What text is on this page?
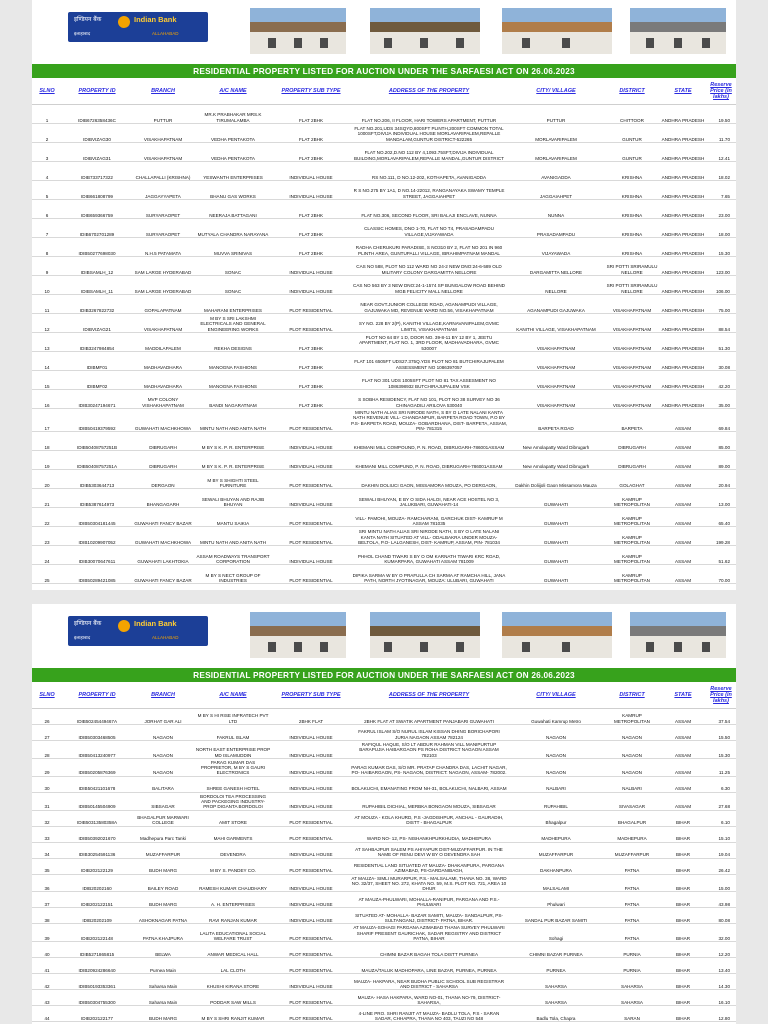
इण्डियन बैंक	Indian Bank
इलाहाबाद	ALLAHABAD
RESIDENTIAL PROPERTY LISTED FOR AUCTION UNDER THE SARFAESI ACT ON 26.06.2023
SLNO	PROPERTY ID	BRANCH	A/C NAME	PROPERTY SUB TYPE	ADDRESS OF THE PROPERTY	CITY/ VILLAGE	DISTRICT	STATE	Reserve Price (in lakhs)
1	IDIB6726358436C	PUTTUR	MR.K PRABHAKAR MRS.K TIRUMALAMBA	FLAT 2BHK	FLAT NO.206, II FLOOR, HARI TOWERS APARTMENT, PUTTUR	PUTTUR	CHITTOOR	ANDHRA PRADESH	19.50
2	IDIBVIZAG30	VISAKHAPATNAM	VEDHA PENTAKOTA	FLAT 2BHK	FLAT NO.201,UDS 34SQYD,800SFT PLINTH,200SFT COMMON TOTAL 1000SFT,DIVIJA INDIVIDUAL HOUSE MORLAVARIPALEM,REPALLE MANDALAM,GUNTUR DISTRICT-522265	MORLAVARIPALEM	GUNTUR	ANDHRA PRADESH	11.70
3	IDIBVIZAG31	VISAKHAPATNAM	VEDHA PENTAKOTA	FLAT 2BHK	FLAT NO.202,D.NO 112 BY 4,1093.75SFT,DIVIJA INDIVIDUAL BUILDING,MORLAVARIPALEM,REPALLE MANDAL,GUNTUR DISTRICT	MORLAVARIPALEM	GUNTUR	ANDHRA PRADESH	12.41
4	IDIB733717322	CHALLAPALLI (KRISHNA)	YESWANTH ENTERPRISES	INDIVIDUAL HOUSE	RS NO.111, D NO.12-202, KOTHAPETA, AVANIGADDA	AVANIGADDA	KRISHNA	ANDHRA PRADESH	18.02
5	IDIB661808799	JAGGAYYAPETA	BHANU GAS WORKS	INDIVIDUAL HOUSE	R S NO.275 BY 1A1, D NO.14-22012, RANGANAYAKA SWAMY TEMPLE STREET, JAGGAIAHPET	JAGGAIAHPET	KRISHNA	ANDHRA PRADESH	7.65
6	IDIB659366759	SURYARAOPET	NEERAJA BATTAGANI	FLAT 2BHK	FLAT NO.306, SECOND FLOOR, SRI BALAJI ENCLAVE, NUNNA	NUNNA	KRISHNA	ANDHRA PRADESH	23.00
7	IDIB6702701289	SURYARAOPET	MUTYALA CHANDRA NARAYANA	FLAT 2BHK	CLASSIC HOMES, DNO 1-70, FLAT NO T4, PRASADAMPADU VILLAGE,VIJAYAWADA	PRASADAMPADU	KRISHNA	ANDHRA PRADESH	18.00
8	IDIB50277698030	N.H.5 PATAMATA	MUVVA SRINIVAS	FLAT 2BHK	RADHA CHERUKURI PARADISE, S NO310 BY 2, FLAT NO 201 IN 960 PLINTH AREA, GUNTUPALLI VILLAGE, IBRAHIMPATNAM MANDAL	VIJAYAWADA	KRISHNA	ANDHRA PRADESH	15.30
9	IDIBSAMLH_12	SAM LARGE HYDERABAD	SONAC	INDIVIDUAL HOUSE	CAS NO 588, PLOT NO 112 WARD NO 24-2 NEW DNO:24-6-589 OLD MILITARY COLONY DARGAMITTA NELLORE	DARGAMITTA NELLORE	SRI POTTI SRIRAMULU NELLORE	ANDHRA PRADESH	123.00
10	IDIBSAMLH_11	SAM LARGE HYDERABAD	SONAC	INDIVIDUAL HOUSE	CAS NO 563 BY 3 NEW DNO:24-1-1574 SP BUNGALOW ROAD BEHIND MGB FELICITY MALL NELLORE	NELLORE	SRI POTTI SRIRAMULU NELLORE	ANDHRA PRADESH	106.00
11	IDIB3267822732	GOPALAPATNAM	MAHARANI ENTERPRISES	PLOT RESIDENTIAL	NEAR GOVT.JUNIOR COLLEGE ROAD, AGANAMPUDI VILLAGE, GAJUWAKA MD, REVENUE WARD NO.56, VISAKHAPATNAM	AGANAMPUDI GAJUWAKA	VISAKHAPATNAM	ANDHRA PRADESH	75.00
12	IDIBVIZAG21	VISAKHAPATNAM	M BY S SRI LAKSHMI ELECTRICALS AND GENERAL ENGINEERING WORKS	PLOT RESIDENTIAL	SY NO. 228 BY 2(P), KANITHI VILLAGE,KARNAVANIPALEM,GVMC LIMITS, VISAKHAPATNAM	KANITHI VILLAGE, VISAKHAPATNAM	VISAKHAPATNAM	ANDHRA PRADESH	88.54
13	IDIB3247984854	MADDILAPALEM	REKHA DESIGNS	FLAT 3BHK	PLOT NO 64 BY 1 D, DOOR NO. 39-8-11 BY 12 BY 1, JEETU APARTMENT, FLAT NO. 1, 3RD FLOOR, MADHAVADHARA, GVMC 530007	VISAKHAPATNAM	VISAKHAPATNAM	ANDHRA PRADESH	51.30
14	IDIBMF01	MADHAVADHARA	MANOGNA FASHIONS	FLAT 3BHK	FLAT 101 6505FT UDS27.375Q.YDS PLOT NO 81 BUTCHIRAJUPALEM ASSESSMENT NO 1086397057	VISAKHAPATNAM	VISAKHAPATNAM	ANDHRA PRADESH	30.08
15	IDIBMF02	MADHAVADHARA	MANOGNA FASHIONS	FLAT 3BHK	FLAT NO 301 UDS 1005SFT PLOT NO 81 TAX ASSESMENT NO 1086398932 BUTCHIRAJUPALEM VSK	VISAKHAPATNAM	VISAKHAPATNAM	ANDHRA PRADESH	42.20
16	IDIB30247194671	MVP COLONY VISHAKHAPATNAM	BANDI NAGARATNAM	FLAT 2BHK	S SOBHA RESIDENCY, FLAT NO 101, PLOT NO 38 SURVEY NO 36 CHINAGADILI ARILOVA 530040	VISAKHAPATNAM	VISAKHAPATNAM	ANDHRA PRADESH	35.00
17	IDIB50419379592	GUWAHATI MACHKHOWA	MINTU NATH AND ANITA NATH	PLOT RESIDENTIAL	MINTU NATH ALIAS SRI NIRODE NATH, S BY O LATE NALANI KANTA NATH REVENUE VILL- CHANDANPUR, BARPETA ROAD TOWN, P.O BY P.S- BARPETA ROAD, MOUZA- GOBARDHANA, DIST- BARPETA, ASSAM, PIN- 781315	BARPETA ROAD	BARPETA	ASSAM	69.84
18	IDIB50408757251B	DIBRUGARH	M BY S K. P. R. ENTERPRISE	INDIVIDUAL HOUSE	KHEMANI MILL COMPOUND, P. N. ROAD, DIBRUGARH-786001ASSAM	New Amolapatty Ward Dibrugarh	DIBRUGARH	ASSAM	85.00
19	IDIB50408757251A	DIBRUGARH	M BY S K. P. R. ENTERPRISE	INDIVIDUAL HOUSE	KHEMANI MILL COMPUND, P. N. ROAD, DIBRUGARH-786001ASSAM	New Amolapatty Ward Dibrugarh	DIBRUGARH	ASSAM	89.00
20	IDIB5303644713	DERGAON	M BY S SHIGHTI STEEL FURNITURE	PLOT RESIDENTIAL	DAKHIN DOLIUCI GAON, MISSAMORA MOUZA, PO DERGAON,	Dakhin Doliijoli Gaon Missamora Mauza	GOLAGHAT	ASSAM	20.94
21	IDIB5387614973	BHANGAGARH	SEWALI BHUYAN AND RAJIB BHUYAN	INDIVIDUAL HOUSE	SEWALI BHUYAN, E BY O SIDA HALOI, NEAR ACE HOSTEL NO 3, JALUKBARI, GUWAHATI-14	GUWAHATI	KAMRUP METROPOLITAN	ASSAM	13.00
22	IDIB50304181445	GUWAHATI FANCY BAZAR	MANTU SAIKIA	PLOT RESIDENTIAL	VILL- PAMOHI, MOUZA- RAMCHARANI, GARCHUK DIST- KAMRUP M ASSAM 781035	GUWAHATI	KAMRUP METROPOLITAN	ASSAM	65.40
23	IDIB10209907052	GUWAHATI MACHKHOWA	MINTU NATH AND ANITA NATH	PLOT RESIDENTIAL	SRI MINTU NATH ALIAS SRI NIRODE NATH, S BY O LATE NALANI KANTA NATH SITUATED AT VILL- ODALBAKRA UNDER MOUZA- BELTOLA, P.O- LALGANESH, DIST- KAMRUP, ASSAM, PIN- 781034	GUWAHATI	KAMRUP METROPOLITAN	ASSAM	199.28
24	IDIB30070647611	GUWAHATI LAKHTOKIA	ASSAM ROADWAYS TRANSPORT CORPORATION	INDIVIDUAL HOUSE	PHHOL CHAND TIWARI S BY O OM KARNATH TIWARI KRC ROAD, KUMARPARA, GUWAHATI ASSAM 781009	GUWAHATI	KAMRUP METROPOLITAN	ASSAM	51.62
25	IDIB50289421085	GUWAHATI FANCY BAZAR	M BY S NECT GROUP OF INDUSTRIES	PLOT RESIDENTIAL	DIPIKA SARMA W BY O PRAFULLA CH SARMA AT RAMCHA HILL, JANA PATH, NORTH JYOTINAGAR, MOUZA: ULUBARI, GUWAHATI	GUWAHATI	KAMRUP METROPOLITAN	ASSAM	70.00
इण्डियन बैंक	Indian Bank
इलाहाबाद	ALLAHABAD
RESIDENTIAL PROPERTY LISTED FOR AUCTION UNDER THE SARFAESI ACT ON 26.06.2023
SLNO	PROPERTY ID	BRANCH	A/C NAME	PROPERTY SUB TYPE	ADDRESS OF THE PROPERTY	CITY/ VILLAGE	DISTRICT	STATE	Reserve Price (in lakhs)
26	IDIB50245449467A	JORHAT GAR ALI	M BY S HI RISE INFRATECH PVT LTD	2BHK FLAT	2BHK FLAT AT SWATIK APARTMENT PANJABARI GUWAHATI	Guwahati Kamrup Metro	KAMRUP METROPOLITAN	ASSAM	37.54
27	IDIB50303468505	NAGAON	FAKRUL ISLAM	INDIVIDUAL HOUSE	FAKRUL ISLAM S/O NURUL ISLAM KISSAN DHING BORICHAPORI JURIA NAGAON ASSAM 782124	NAGAON	NAGAON	ASSAM	15.50
28	IDIB50413240977	NAGAON	NORTH EAST ENTERPRISE PROP MD ISLAMUDDIN	INDIVIDUAL HOUSE	RAFIQUL HAQUE, S/O LT ABDUR RAHMAN VILL MANIPURTUP BARAPUJIA HAIBARGAON PS ROHA DISTRICT NAGAON ASSAM 782103	NAGAON	NAGAON	ASSAM	15.30
29	IDIB50205876369	NAGAON	PARAG KUMAR DAS PROPRIETOR, M BY S GAURI ELECTRONICS	INDIVIDUAL HOUSE	PARAG KUMAR DAS, S/O MR. PRATAP CHANDRA DAS, LACHIT NAGAR, PO- HAIBARGAON, PS- NAGAON, DISTRICT: NAGAON, ASSAM- 782002.	NAGAON	NAGAON	ASSAM	11.25
30	IDIB50421101678	BALITARA	SHREE GANESH HOTEL	INDIVIDUAL HOUSE	BOLAKUCHI, EMANATING FROM NH-31, BOLAKUCHI, NALBARI, ASSAM	NALBARI	NALBARI	ASSAM	6.30
31	IDIB50145504909	SIBSAGAR	BORDOLOI TEA PROCESSING AND PACKEGING INDUSTRY- PROP DIGANTA BORDOLOI	INDIVIDUAL HOUSE	RUPAHIBIL DICHIAL, MERBKA BONGAON MOUZA, SIBSAGAR	RUPAHIBIL	SIVASAGAR	ASSAM	27.68
32	IDIB50313580358A	BHAGALPUR MARWARI COLLEGE	AMIT STORE	PLOT RESIDENTIAL	AT MOUZA - KOLA KHURD, P.S -JAGDISHPUR, ANCHAL - GAURADIH, DISTT - BHAGALPUR	Bhagalpur	BHAGALPUR	BIHAR	6.10
33	IDIB50392021670	Madhepura Parc Tanki	MAHI GARMENTS	PLOT RESIDENTIAL	WARD NO- 12, PS- NISHANKHPURKHUDIA, MADHEPURA	MADHEPURA	MADHEPURA	BIHAR	15.10
34	IDIB30254591136	MUZAFFARPUR	DEVENDRA	INDIVIDUAL HOUSE	AT SAHBAJPUR SALEM PS AHIYAPUR DIST-MUZAFFARPUR. IN THE NAME OF RENU DEVI W BY O DEVENDRA SAH	MUZAFFARPUR	MUZAFFARPUR	BIHAR	19.04
35	IDIB202122129	BUDH MARG	M BY S. PANDEY CO.	PLOT RESIDENTIAL	RESIDENTIAL LAND SITUATED AT MAUZA- DHAKANPURA, PARGANA AZIMABAD, PS-GARDANIBAGH,	DAKHANPURA	PATNA	BIHAR	26.42
36	IDIB20202160	BAILEY ROAD	RAMESH KUMAR CHAUDHARY	INDIVIDUAL HOUSE	AT MAUZA- SIMLI MURARPUR, P.S.- MALSALAMI, THANA NO. 38, WARD NO. 32/37, SHEET NO. 272, KHATA NO. 59, M.S. PLOT NO. 721, AREA 10 DHUR	MALSALAMI	PATNA	BIHAR	15.00
37	IDIB202122151	BUDH MARG	A. H. ENTERPRISES	INDIVIDUAL HOUSE	AT MAUZA-PHULWARI, MOHALLA-RANIPUR, PARGANA AND P.S.- PHULWARI	Phulwari	PATNA	BIHAR	43.98
38	IDIB20202109	ASHOKNAGAR PATNA	RAVI RANJAN KUMAR	INDIVIDUAL HOUSE	SITUATED AT- MOHALLA- BAZAR SAMITI, MAUZA- SANDALPUR, PS- SULTANGANJ, DISTRICT- PATNA, BIHAR.	SANDAL PUR BAZAR SAMITI	PATNA	BIHAR	80.08
39	IDIB202122148	PATNA KHAJPURA	LALITA EDUCATIONAL SOCIAL WELFARE TRUST	PLOT RESIDENTIAL	AT MAUZA-SOHAGI PARGANA AZIMABAD THANA SURVEY PHULWARI SHARIF PRESENT GAURICHAK, SADAR REGISTRY AND DISTRICT PATNA, BIHAR	Sohagi	PATNA	BIHAR	32.00
40	IDIB5271865815	BELWA	ANWAR MEDICAL HALL	PLOT RESIDENTIAL	CHIMNI BAZAR BAGAH TOLA DISTT PURNEA	CHIMNI BAZAR PURNEA	PURNIA	BIHAR	12.20
41	IDIB20924286640	Purnea Main	LAL CLOTH	PLOT RESIDENTIAL	MAUZA/TALUK MADHOPARA, LINE BAZAR, PURNEA, PURNEA	PURNEA	PURNIA	BIHAR	13.40
42	IDIB50193353361	Saharsa Main	KHUSHI KIRANA STORE	INDIVIDUAL HOUSE	MAUZA- HAKPARA, NEAR BUDHA PUBLIC SCHOOL SUB REGISTRAR AND DISTRICT - SAHARSA	SAHARSA	SAHARSA	BIHAR	14.30
43	IDIB50304755300	Saharsa Main	PODDAR SAW MILLS	PLOT RESIDENTIAL	MAUZA- HASA HAKPARA, WARD NO-01, THANA NO-79, DISTRICT- SAHARSA,	SAHARSA	SAHARSA	BIHAR	16.10
44	IDIB202122177	BUDH MARG	M BY S SHRI RANJIT KUMAR	PLOT RESIDENTIAL	4-LINE PRO. SHRI RANJIT AT MAUZA- BADLU TOLA, P.S - SARAN SADAR, CHHAPRA, THANA NO 403, TAUZI NO 548	Badlu Tola, Chapra	SARAN	BIHAR	12.80
